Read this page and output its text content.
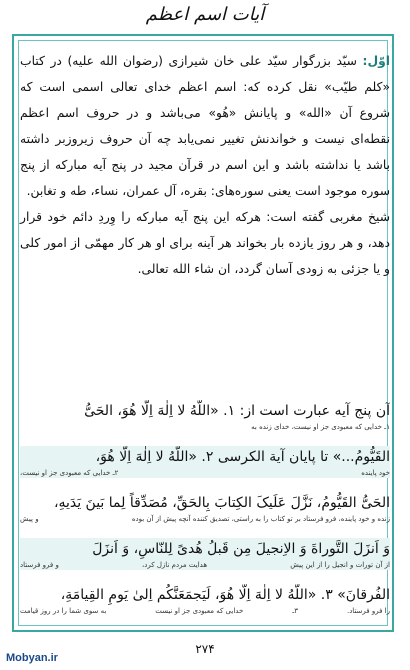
آیات اسم اعظم
اوّل: سیّد بزرگوار سیّد علی خان شیرازی (رضوان الله علیه) در کتاب «کلم طیّب» نقل کرده که: اسم اعظم خدای تعالی اسمی است که شروع آن «الله» و پایانش «هُو» می‌باشد و در حروف اسم اعظم نقطه‌ای نیست و خواندنش تغییر نمی‌یابد چه آن حروف زیروزبر داشته باشد یا نداشته باشد و این اسم در قرآن مجید در پنج آیه مبارکه از پنج سوره موجود است یعنی سوره‌های: بقره، آل عمران، نساء، طه و تغابن.
شیخ مغربی گفته است: هرکه این پنج آیه مبارکه را وِردِ دائم خود قرار دهد، و هر روز یازده بار بخواند هر آینه برای او هر کار مهمّی از امور کلی و یا جزئی به زودی آسان گردد، ان شاء الله تعالی.
آن پنج آیه عبارت است از: ۱. «اللَّهُ لا اِلٰهَ اِلّا هُوَ، الحَیُّ
۱ـ خدایی که معبودی جز او نیست، خدای زنده به
القَیُّومُ...» تا پایان آیة الکرسی ۲. «اللَّهُ لا اِلٰهَ اِلّا هُوَ،
خود پاینده
۲ـ خدایی که معبودی جز او نیست،
الحَیُّ القَیُّومُ، نَزَّلَ عَلَیکَ الکِتابَ بِالحَقِّ، مُصَدِّقاً لِما بَینَ یَدَیهِ،
زنده و خود پاینده، فرو فرستاد بر تو کتاب را به راستی، تصدیق کننده آنچه پیش از آن بوده
و پیش
وَ اَنزَلَ التَّوراةَ وَ الاِنجیلَ مِن قَبلُ هُدیً لِلنّاسِ، وَ اَنزَلَ
از آن تورات و انجیل را از این پیش
هدایت مردم نازل کرد،
و فرو فرستاد
الفُرقانَ» ۳. «اللَّهُ لا اِلٰهَ اِلّا هُوَ، لَیَجمَعَنَّکُم اِلیٰ یَومِ القِیامَةِ،
را فرو فرستاد.
۳ـ
خدایی که معبودی جز او نیست
به سوی شما را در روز قیامت
۲۷۴
Mobyan.ir
